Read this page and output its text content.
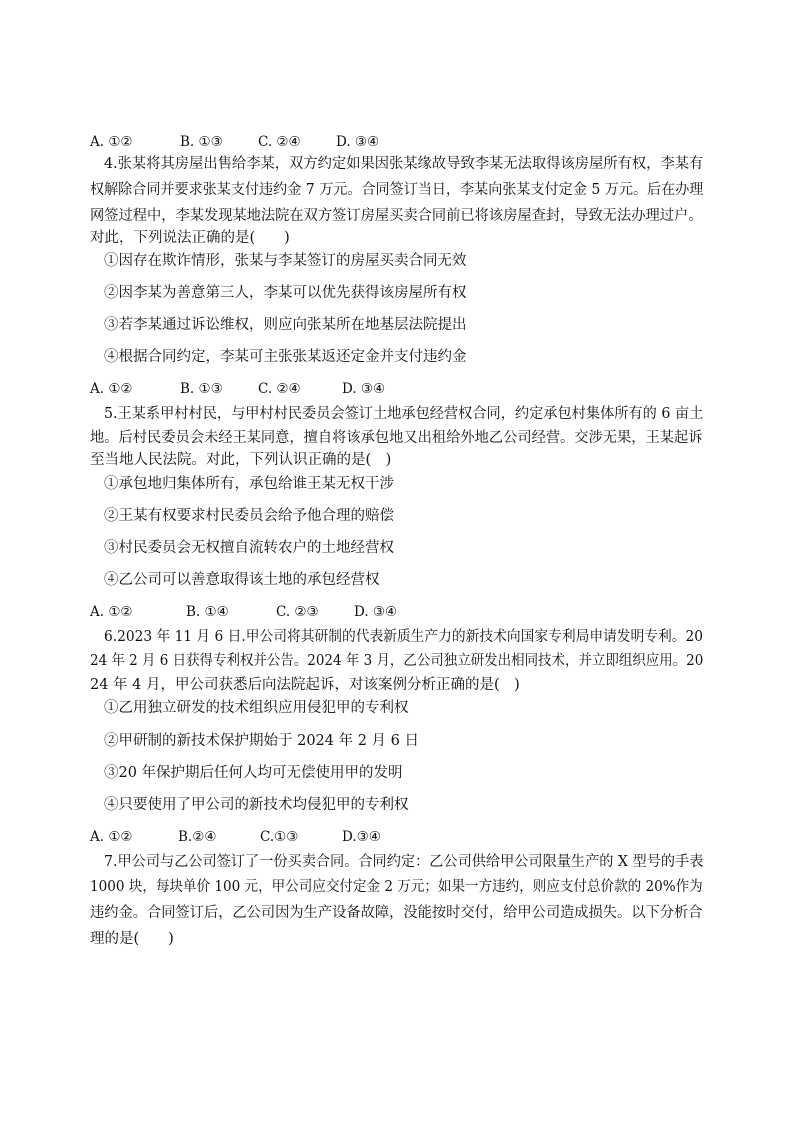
A. ①②	B. ①③	C. ②④	D. ③④
4.张某将其房屋出售给李某，双方约定如果因张某缘故导致李某无法取得该房屋所有权，李某有
权解除合同并要求张某支付违约金 7 万元。合同签订当日，李某向张某支付定金 5 万元。后在办理
网签过程中，李某发现某地法院在双方签订房屋买卖合同前已将该房屋查封，导致无法办理过户。
对此，下列说法正确的是(　　)
①因存在欺诈情形，张某与李某签订的房屋买卖合同无效
②因李某为善意第三人，李某可以优先获得该房屋所有权
③若李某通过诉讼维权，则应向张某所在地基层法院提出
④根据合同约定，李某可主张张某返还定金并支付违约金
A. ①②	B. ①③	C. ②④	D. ③④
5.王某系甲村村民，与甲村村民委员会签订土地承包经营权合同，约定承包村集体所有的 6 亩土
地。后村民委员会未经王某同意，擅自将该承包地又出租给外地乙公司经营。交涉无果，王某起诉
至当地人民法院。对此，下列认识正确的是(　)
①承包地归集体所有，承包给谁王某无权干涉
②王某有权要求村民委员会给予他合理的赔偿
③村民委员会无权擅自流转农户的土地经营权
④乙公司可以善意取得该土地的承包经营权
A. ①②	B. ①④	C. ②③	D. ③④
6.2023 年 11 月 6 日.甲公司将其研制的代表新质生产力的新技术向国家专利局申请发明专利。20
24 年 2 月 6 日获得专利权并公告。2024 年 3 月，乙公司独立研发出相同技术，并立即组织应用。20
24 年 4 月，甲公司获悉后向法院起诉，对该案例分析正确的是(　)
①乙用独立研发的技术组织应用侵犯甲的专利权
②甲研制的新技术保护期始于 2024 年 2 月 6 日
③20 年保护期后任何人均可无偿使用甲的发明
④只要使用了甲公司的新技术均侵犯甲的专利权
A. ①②	B.②④	C.①③	D.③④
7.甲公司与乙公司签订了一份买卖合同。合同约定：乙公司供给甲公司限量生产的 X 型号的手表
1000 块，每块单价 100 元，甲公司应交付定金 2 万元；如果一方违约，则应支付总价款的 20%作为
违约金。合同签订后，乙公司因为生产设备故障，没能按时交付，给甲公司造成损失。以下分析合
理的是(　　)
